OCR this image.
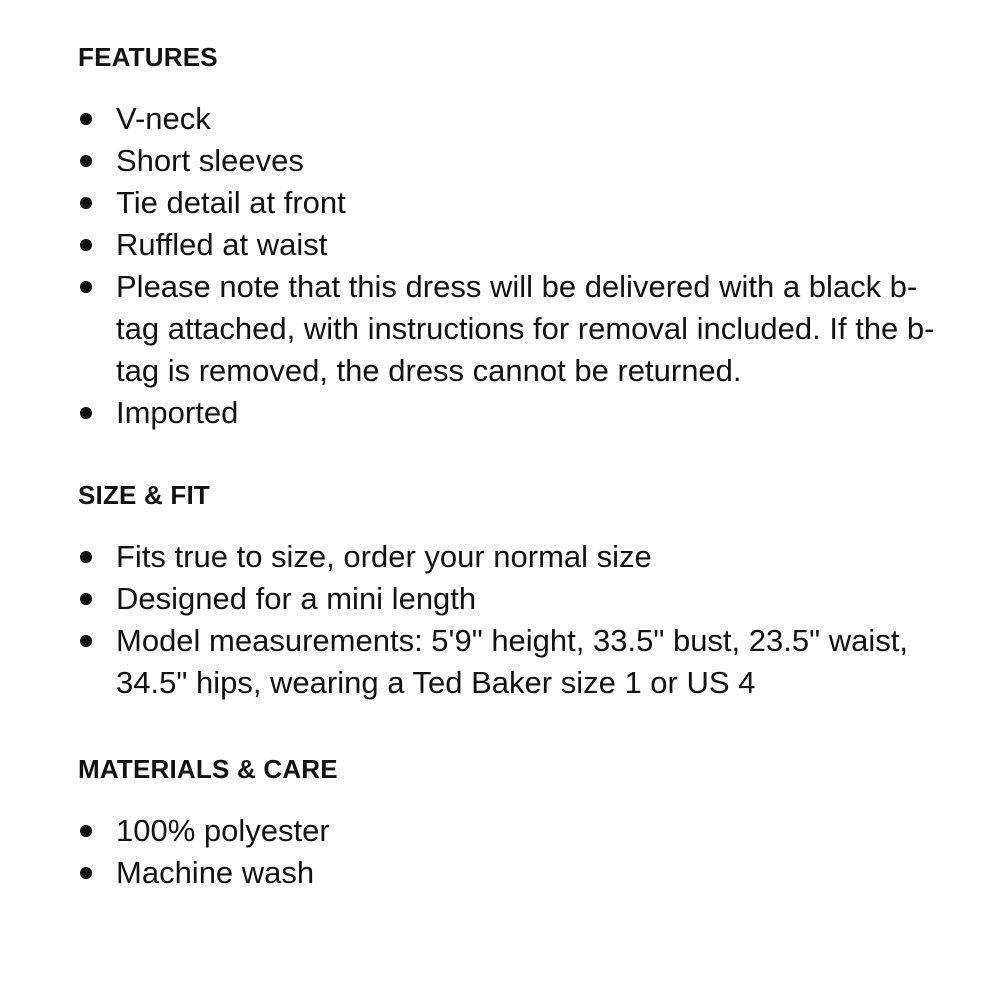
FEATURES
V-neck
Short sleeves
Tie detail at front
Ruffled at waist
Please note that this dress will be delivered with a black b-tag attached, with instructions for removal included. If the b-tag is removed, the dress cannot be returned.
Imported
SIZE & FIT
Fits true to size, order your normal size
Designed for a mini length
Model measurements: 5'9" height, 33.5" bust, 23.5" waist, 34.5" hips, wearing a Ted Baker size 1 or US 4
MATERIALS & CARE
100% polyester
Machine wash
